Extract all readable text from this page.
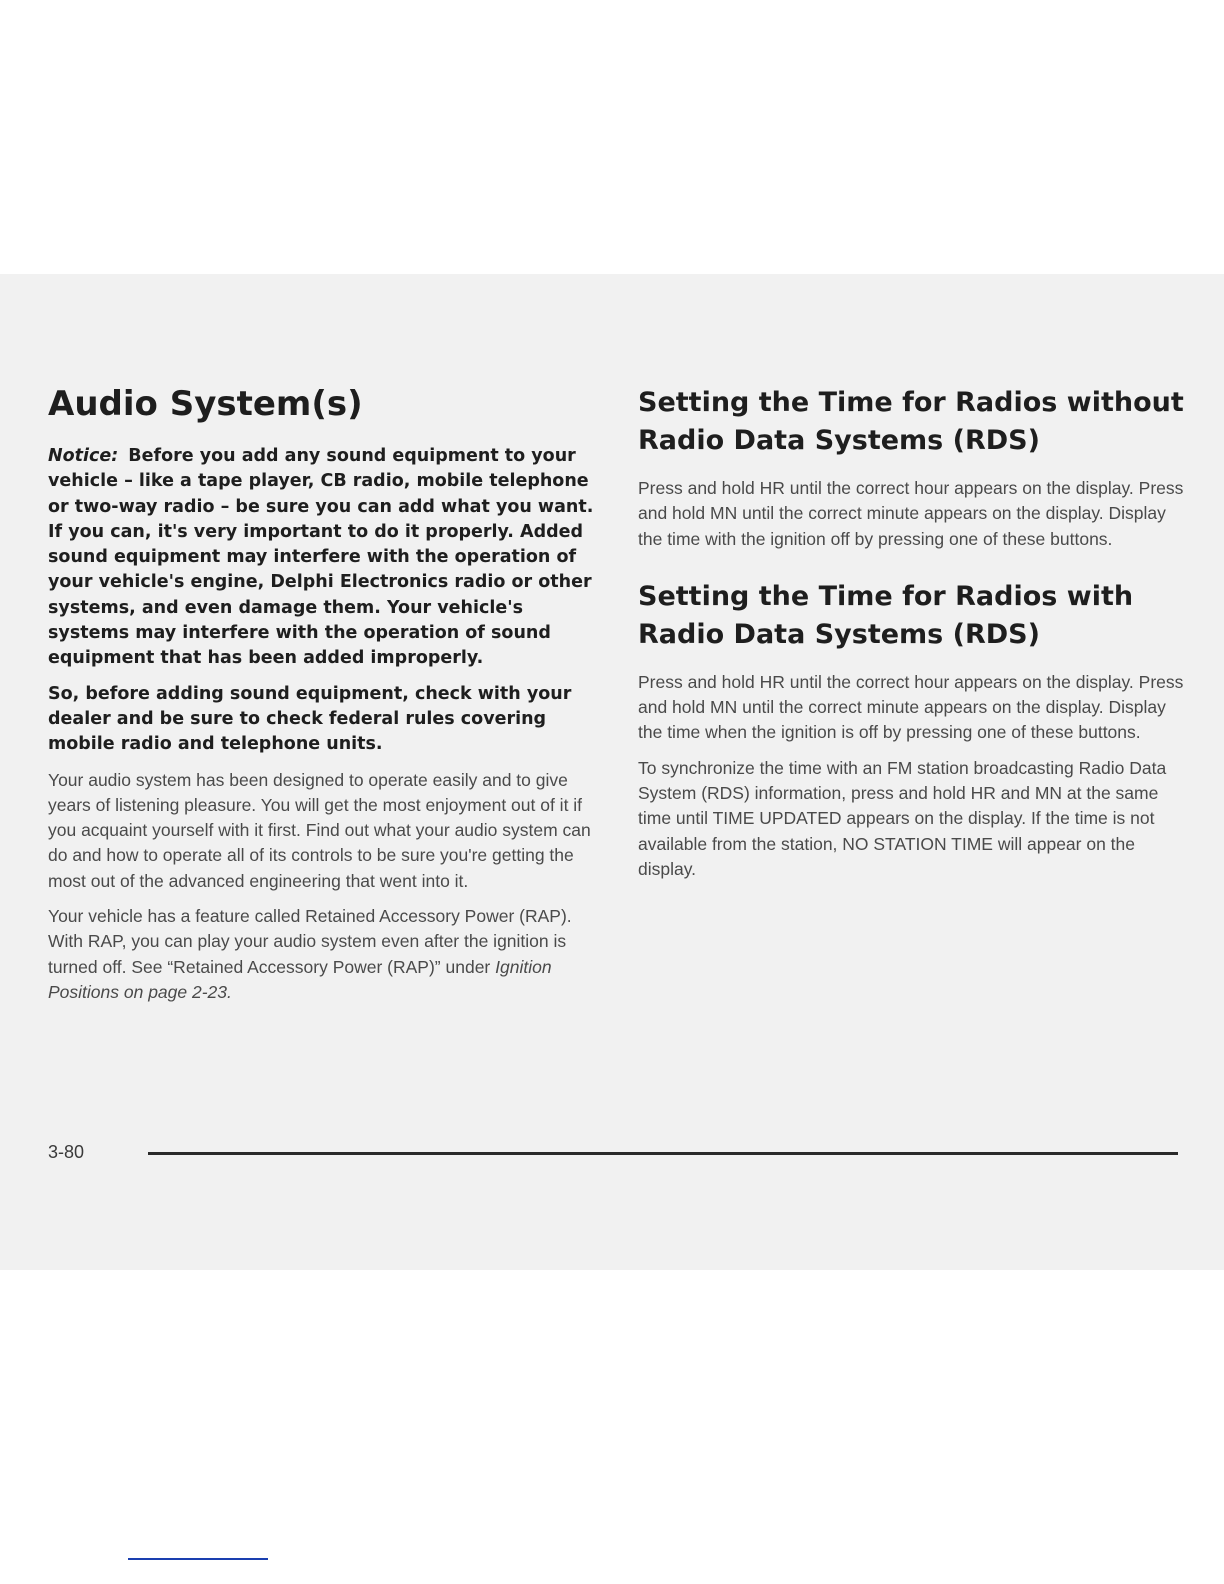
Audio System(s)

Notice: Before you add any sound equipment to your vehicle – like a tape player, CB radio, mobile telephone or two-way radio – be sure you can add what you want. If you can, it's very important to do it properly. Added sound equipment may interfere with the operation of your vehicle's engine, Delphi Electronics radio or other systems, and even damage them. Your vehicle's systems may interfere with the operation of sound equipment that has been added improperly.

So, before adding sound equipment, check with your dealer and be sure to check federal rules covering mobile radio and telephone units.

Your audio system has been designed to operate easily and to give years of listening pleasure. You will get the most enjoyment out of it if you acquaint yourself with it first. Find out what your audio system can do and how to operate all of its controls to be sure you're getting the most out of the advanced engineering that went into it.

Your vehicle has a feature called Retained Accessory Power (RAP). With RAP, you can play your audio system even after the ignition is turned off. See “Retained Accessory Power (RAP)” under Ignition Positions on page 2-23.

Setting the Time for Radios without Radio Data Systems (RDS)

Press and hold HR until the correct hour appears on the display. Press and hold MN until the correct minute appears on the display. Display the time with the ignition off by pressing one of these buttons.

Setting the Time for Radios with Radio Data Systems (RDS)

Press and hold HR until the correct hour appears on the display. Press and hold MN until the correct minute appears on the display. Display the time when the ignition is off by pressing one of these buttons.

To synchronize the time with an FM station broadcasting Radio Data System (RDS) information, press and hold HR and MN at the same time until TIME UPDATED appears on the display. If the time is not available from the station, NO STATION TIME will appear on the display.

3-80
